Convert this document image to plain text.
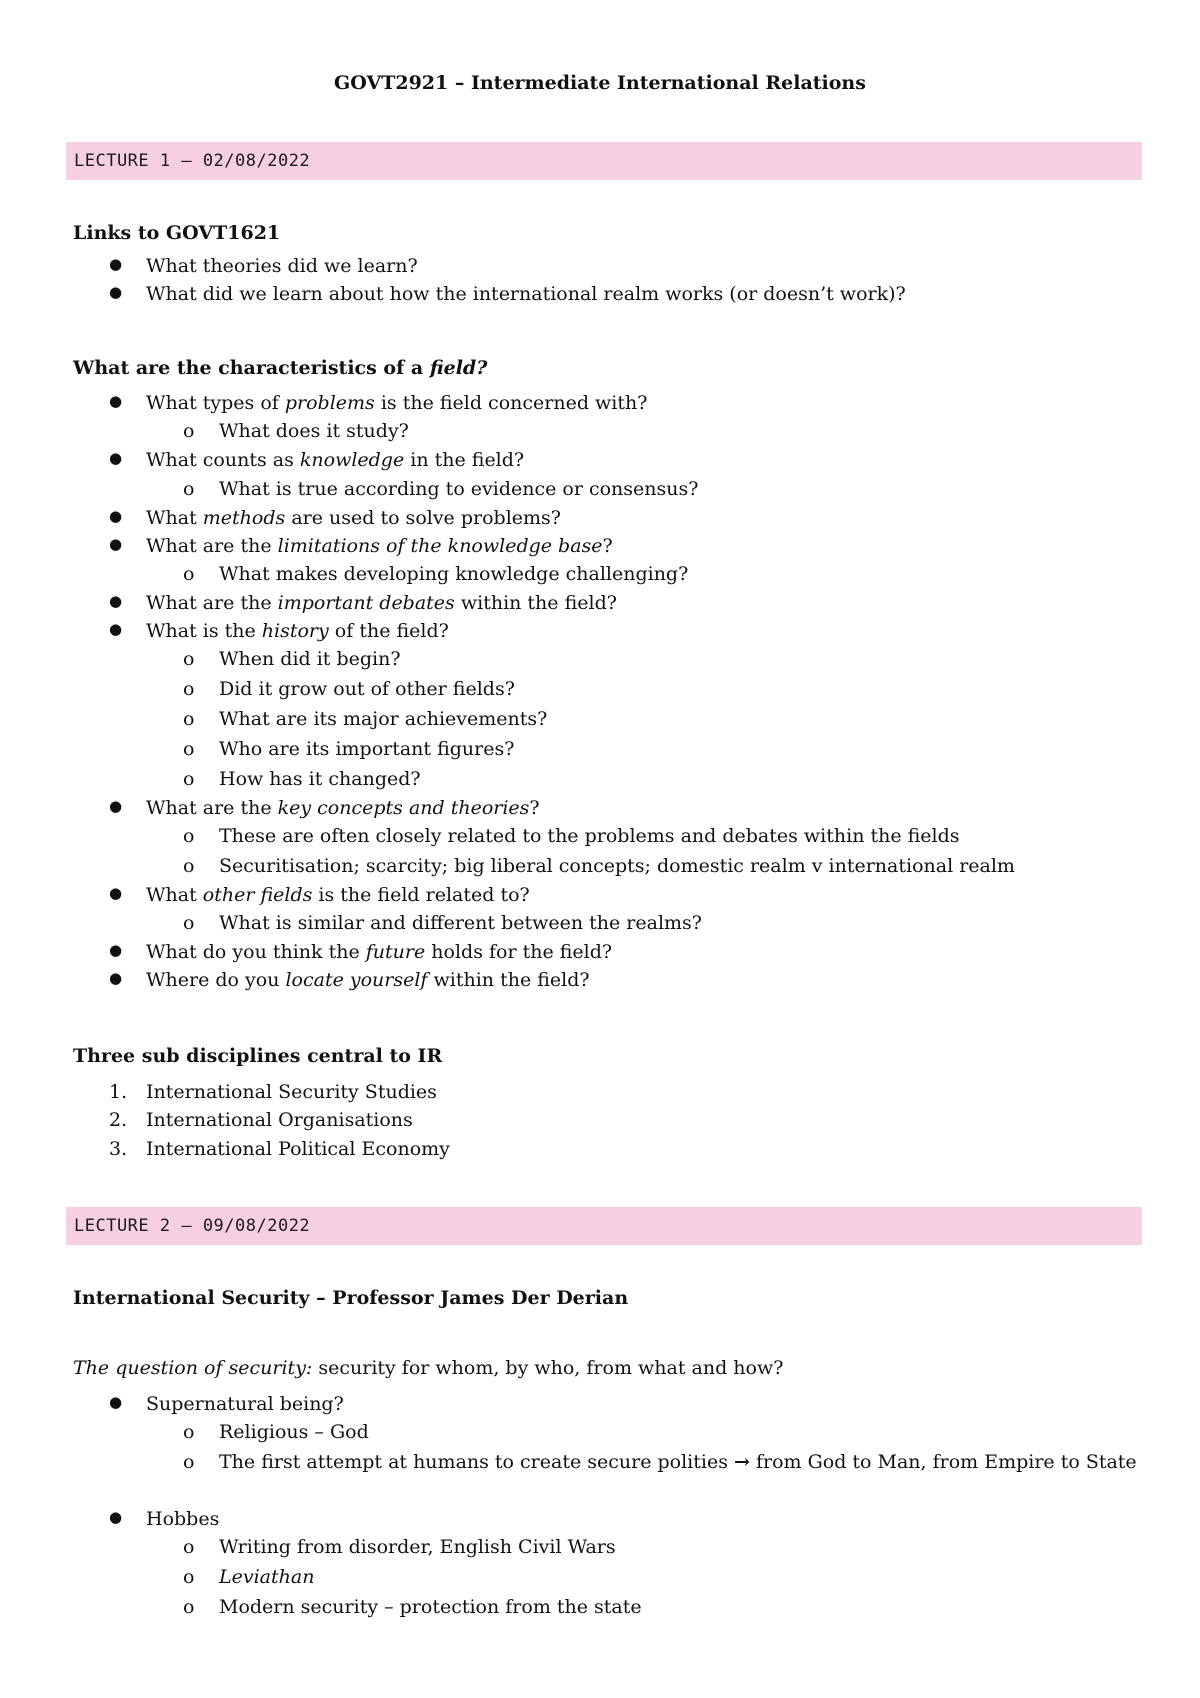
GOVT2921 – Intermediate International Relations
LECTURE 1 – 02/08/2022
Links to GOVT1621
● What theories did we learn?
● What did we learn about how the international realm works (or doesn’t work)?
What are the characteristics of a field?
● What types of problems is the field concerned with?
o What does it study?
● What counts as knowledge in the field?
o What is true according to evidence or consensus?
● What methods are used to solve problems?
● What are the limitations of the knowledge base?
o What makes developing knowledge challenging?
● What are the important debates within the field?
● What is the history of the field?
o When did it begin?
o Did it grow out of other fields?
o What are its major achievements?
o Who are its important figures?
o How has it changed?
● What are the key concepts and theories?
o These are often closely related to the problems and debates within the fields
o Securitisation; scarcity; big liberal concepts; domestic realm v international realm
● What other fields is the field related to?
o What is similar and different between the realms?
● What do you think the future holds for the field?
● Where do you locate yourself within the field?
Three sub disciplines central to IR
1. International Security Studies
2. International Organisations
3. International Political Economy
LECTURE 2 – 09/08/2022
International Security – Professor James Der Derian

The question of security: security for whom, by who, from what and how?

● Supernatural being?
o Religious – God
o The first attempt at humans to create secure polities → from God to Man, from Empire to State
● Hobbes
o Writing from disorder, English Civil Wars
o Leviathan
o Modern security – protection from the state
